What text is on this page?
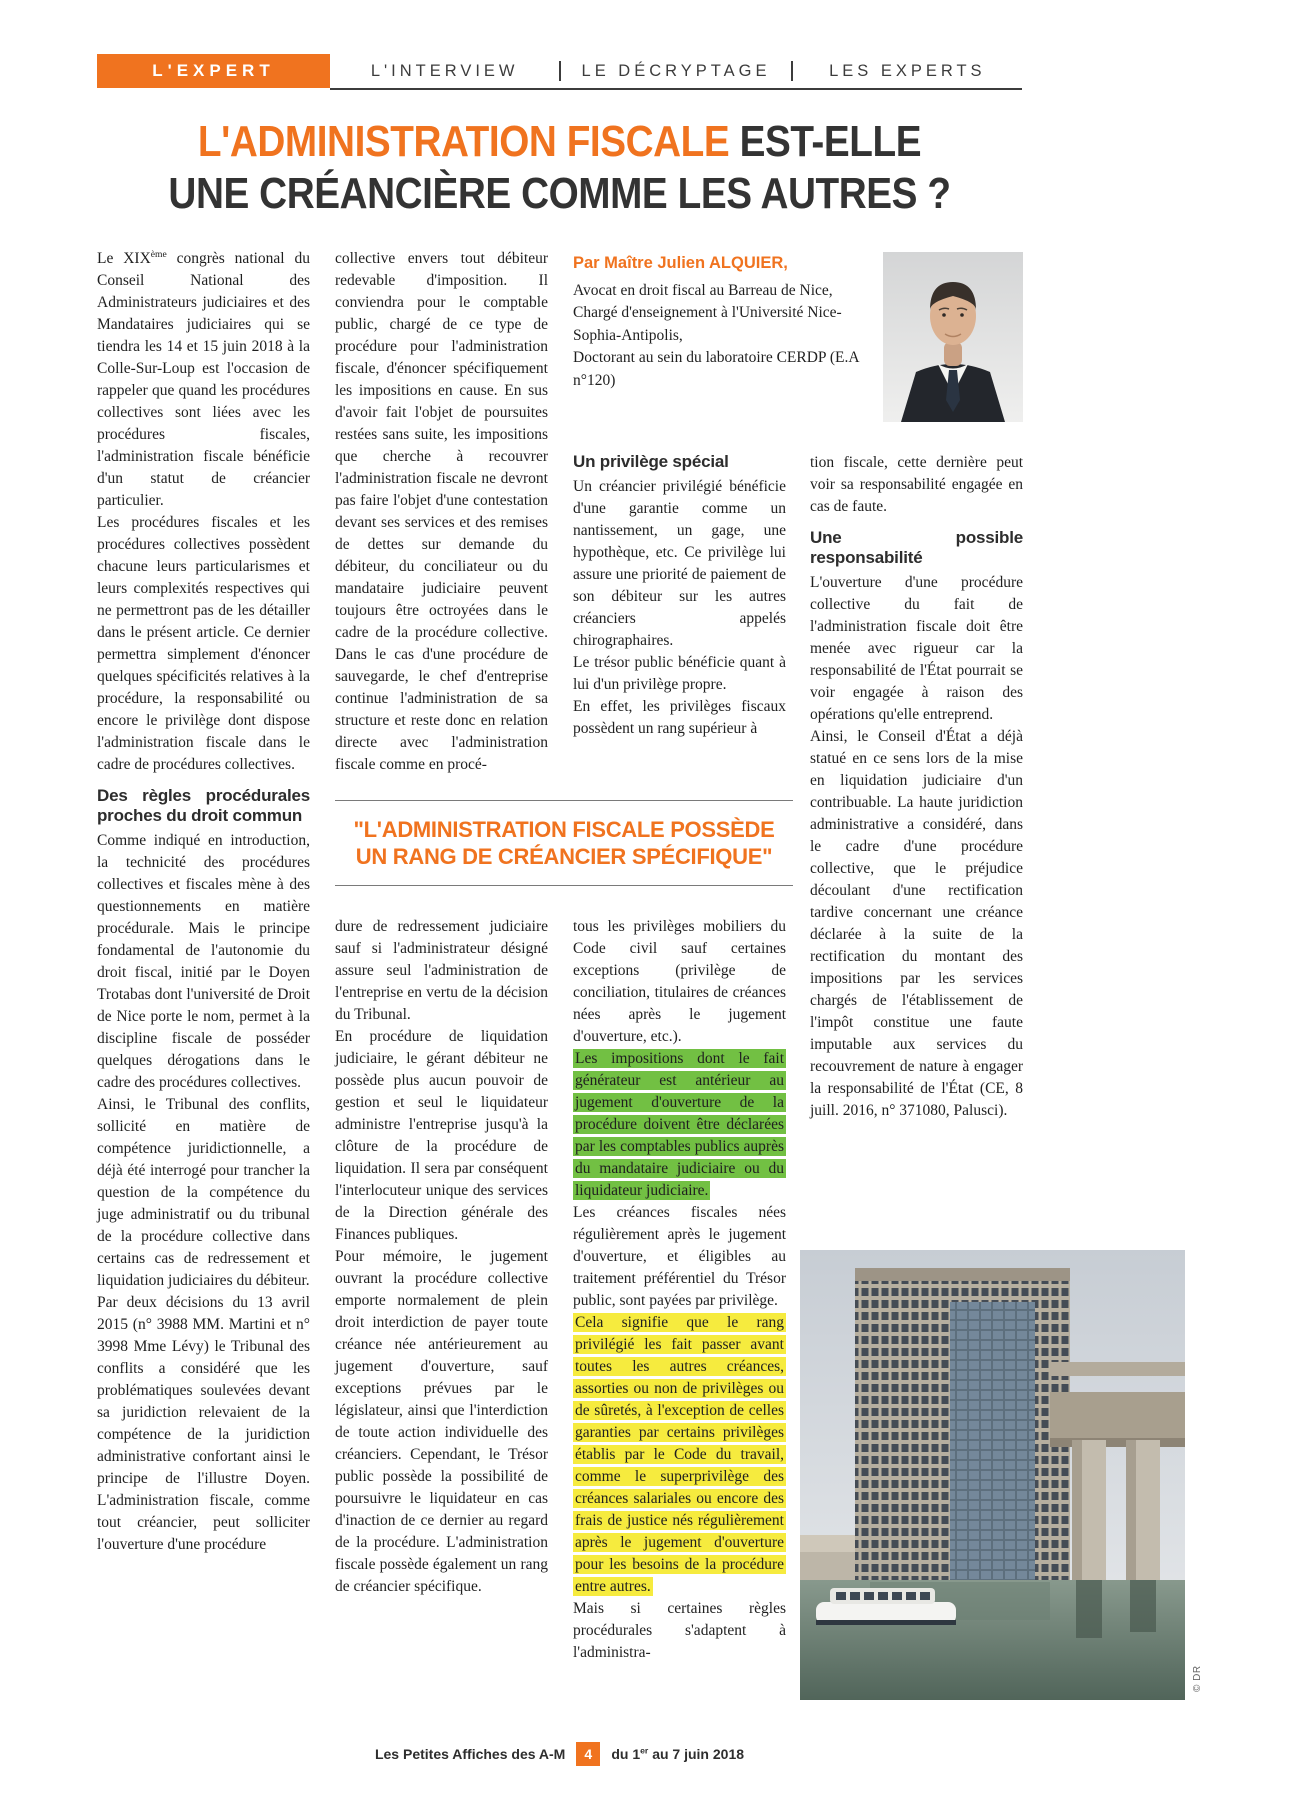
L'EXPERT	L'INTERVIEW	LE DÉCRYPTAGE	LES EXPERTS
L'ADMINISTRATION FISCALE EST-ELLE
UNE CRÉANCIÈRE COMME LES AUTRES ?

Le XIXème congrès national du Conseil National des Administrateurs judiciaires et des Mandataires judiciaires qui se tiendra les 14 et 15 juin 2018 à la Colle-Sur-Loup est l'occasion de rappeler que quand les procédures collectives sont liées avec les procédures fiscales, l'administration fiscale bénéficie d'un statut de créancier particulier.

Les procédures fiscales et les procédures collectives possèdent chacune leurs particularismes et leurs complexités respectives qui ne permettront pas de les détailler dans le présent article. Ce dernier permettra simplement d'énoncer quelques spécificités relatives à la procédure, la responsabilité ou encore le privilège dont dispose l'administration fiscale dans le cadre de procédures collectives.

Des règles procédurales proches du droit commun

Comme indiqué en introduction, la technicité des procédures collectives et fiscales mène à des questionnements en matière procédurale. Mais le principe fondamental de l'autonomie du droit fiscal, initié par le Doyen Trotabas dont l'université de Droit de Nice porte le nom, permet à la discipline fiscale de posséder quelques dérogations dans le cadre des procédures collectives.

Ainsi, le Tribunal des conflits, sollicité en matière de compétence juridictionnelle, a déjà été interrogé pour trancher la question de la compétence du juge administratif ou du tribunal de la procédure collective dans certains cas de redressement et liquidation judiciaires du débiteur.

Par deux décisions du 13 avril 2015 (n° 3988 MM. Martini et n° 3998 Mme Lévy) le Tribunal des conflits a considéré que les problématiques soulevées devant sa juridiction relevaient de la compétence de la juridiction administrative confortant ainsi le principe de l'illustre Doyen. L'administration fiscale, comme tout créancier, peut solliciter l'ouverture d'une procédure

collective envers tout débiteur redevable d'imposition. Il conviendra pour le comptable public, chargé de ce type de procédure pour l'administration fiscale, d'énoncer spécifiquement les impositions en cause. En sus d'avoir fait l'objet de poursuites restées sans suite, les impositions que cherche à recouvrer l'administration fiscale ne devront pas faire l'objet d'une contestation devant ses services et des remises de dettes sur demande du débiteur, du conciliateur ou du mandataire judiciaire peuvent toujours être octroyées dans le cadre de la procédure collective. Dans le cas d'une procédure de sauvegarde, le chef d'entreprise continue l'administration de sa structure et reste donc en relation directe avec l'administration fiscale comme en procé-

Par Maître Julien ALQUIER,
Avocat en droit fiscal au Barreau de Nice,
Chargé d'enseignement à l'Université Nice-Sophia-Antipolis,
Doctorant au sein du laboratoire CERDP (E.A n°120)
Un privilège spécial

Un créancier privilégié bénéficie d'une garantie comme un nantissement, un gage, une hypothèque, etc. Ce privilège lui assure une priorité de paiement de son débiteur sur les autres créanciers appelés chirographaires.

Le trésor public bénéficie quant à lui d'un privilège propre.

En effet, les privilèges fiscaux possèdent un rang supérieur à

tion fiscale, cette dernière peut voir sa responsabilité engagée en cas de faute.

Une possible responsabilité

L'ouverture d'une procédure collective du fait de l'administration fiscale doit être menée avec rigueur car la responsabilité de l'État pourrait se voir engagée à raison des opérations qu'elle entreprend.

Ainsi, le Conseil d'État a déjà statué en ce sens lors de la mise en liquidation judiciaire d'un contribuable. La haute juridiction administrative a considéré, dans le cadre d'une procédure collective, que le préjudice découlant d'une rectification tardive concernant une créance déclarée à la suite de la rectification du montant des impositions par les services chargés de l'établissement de l'impôt constitue une faute imputable aux services du recouvrement de nature à engager la responsabilité de l'État (CE, 8 juill. 2016, n° 371080, Palusci).

"L'ADMINISTRATION FISCALE POSSÈDE UN RANG DE CRÉANCIER SPÉCIFIQUE"

dure de redressement judiciaire sauf si l'administrateur désigné assure seul l'administration de l'entreprise en vertu de la décision du Tribunal.

En procédure de liquidation judiciaire, le gérant débiteur ne possède plus aucun pouvoir de gestion et seul le liquidateur administre l'entreprise jusqu'à la clôture de la procédure de liquidation. Il sera par conséquent l'interlocuteur unique des services de la Direction générale des Finances publiques.

Pour mémoire, le jugement ouvrant la procédure collective emporte normalement de plein droit interdiction de payer toute créance née antérieurement au jugement d'ouverture, sauf exceptions prévues par le législateur, ainsi que l'interdiction de toute action individuelle des créanciers. Cependant, le Trésor public possède la possibilité de poursuivre le liquidateur en cas d'inaction de ce dernier au regard de la procédure. L'administration fiscale possède également un rang de créancier spécifique.

tous les privilèges mobiliers du Code civil sauf certaines exceptions (privilège de conciliation, titulaires de créances nées après le jugement d'ouverture, etc.).

Les impositions dont le fait générateur est antérieur au jugement d'ouverture de la procédure doivent être déclarées par les comptables publics auprès du mandataire judiciaire ou du liquidateur judiciaire.

Les créances fiscales nées régulièrement après le jugement d'ouverture, et éligibles au traitement préférentiel du Trésor public, sont payées par privilège.

Cela signifie que le rang privilégié les fait passer avant toutes les autres créances, assorties ou non de privilèges ou de sûretés, à l'exception de celles garanties par certains privilèges établis par le Code du travail, comme le superprivilège des créances salariales ou encore des frais de justice nés régulièrement après le jugement d'ouverture pour les besoins de la procédure entre autres.

Mais si certaines règles procédurales s'adaptent à l'administra-

© DR
Les Petites Affiches des A-M	4	du 1er au 7 juin 2018
